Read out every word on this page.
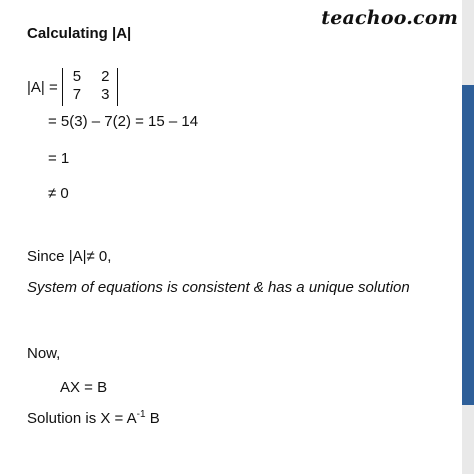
teachoo.com
Calculating |A|
|A| =
5	2
7	3
= 5(3) – 7(2) = 15 – 14
= 1
≠ 0
Since |A|≠ 0,
System of equations is consistent & has a unique solution
Now,
AX = B
Solution is $X = A^{-1}$ B
